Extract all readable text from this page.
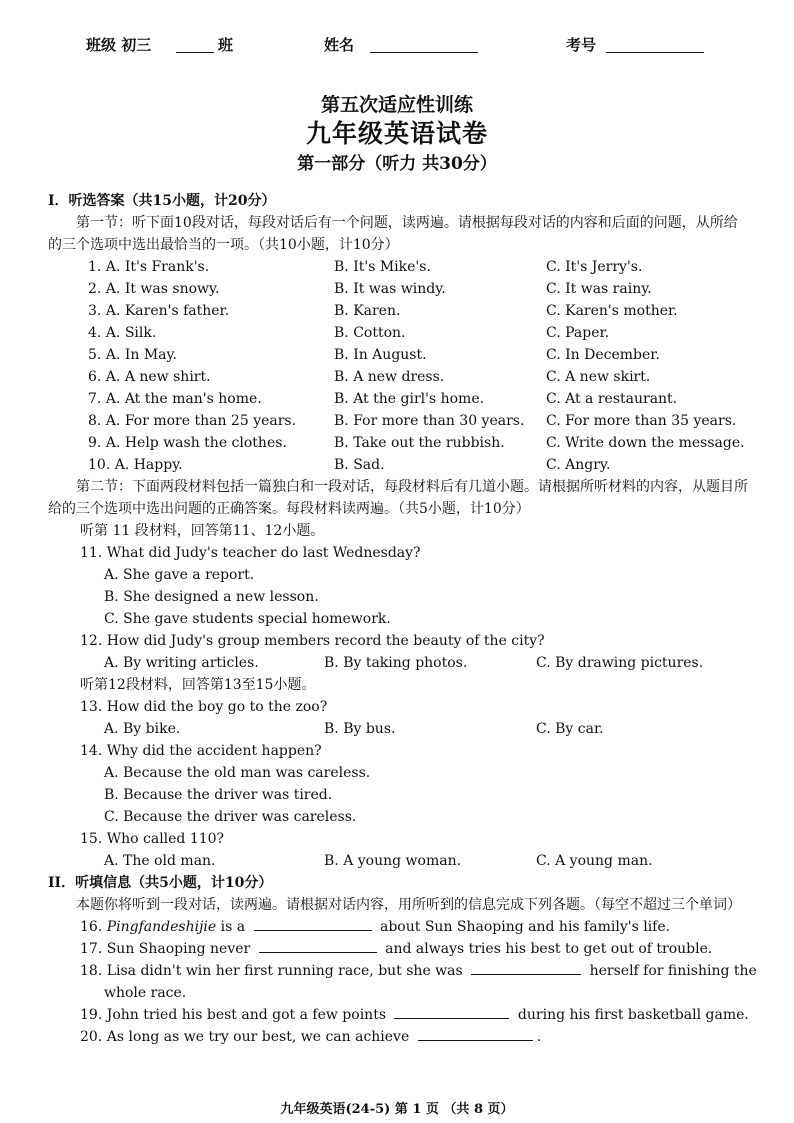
班级 初三	班	姓名	考号
第五次适应性训练
九年级英语试卷
第一部分（听力 共30分）
I．听选答案（共15小题，计20分）
第一节：听下面10段对话，每段对话后有一个问题，读两遍。请根据每段对话的内容和后面的问题，从所给的三个选项中选出最恰当的一项。（共10小题，计10分）
1. A. It's Frank's.	B. It's Mike's.	C. It's Jerry's.
2. A. It was snowy.	B. It was windy.	C. It was rainy.
3. A. Karen's father.	B. Karen.	C. Karen's mother.
4. A. Silk.	B. Cotton.	C. Paper.
5. A. In May.	B. In August.	C. In December.
6. A. A new shirt.	B. A new dress.	C. A new skirt.
7. A. At the man's home.	B. At the girl's home.	C. At a restaurant.
8. A. For more than 25 years.	B. For more than 30 years. C. For more than 35 years.
9. A. Help wash the clothes.	B. Take out the rubbish.	C. Write down the message.
10. A. Happy.	B. Sad.	C. Angry.
第二节：下面两段材料包括一篇独白和一段对话，每段材料后有几道小题。请根据所听材料的内容，从题目所给的三个选项中选出问题的正确答案。每段材料读两遍。（共5小题，计10分）
听第 11 段材料，回答第11、12小题。
11. What did Judy's teacher do last Wednesday?
A. She gave a report.
B. She designed a new lesson.
C. She gave students special homework.
12. How did Judy's group members record the beauty of the city?
A. By writing articles.	B. By taking photos.	C. By drawing pictures.
听第12段材料，回答第13至15小题。
13. How did the boy go to the zoo?
A. By bike.	B. By bus.	C. By car.
14. Why did the accident happen?
A. Because the old man was careless.
B. Because the driver was tired.
C. Because the driver was careless.
15. Who called 110?
A. The old man.	B. A young woman.	C. A young man.
II．听填信息（共5小题，计10分）
本题你将听到一段对话，读两遍。请根据对话内容，用所听到的信息完成下列各题。（每空不超过三个单词）
16. Pingfandeshijie is a	about Sun Shaoping and his family's life.
17. Sun Shaoping never	and always tries his best to get out of trouble.
18. Lisa didn't win her first running race, but she was	herself for finishing the
whole race.
19. John tried his best and got a few points	during his first basketball game.
20. As long as we try our best, we can achieve	.
九年级英语(24-5) 第 1 页 （共 8 页）
